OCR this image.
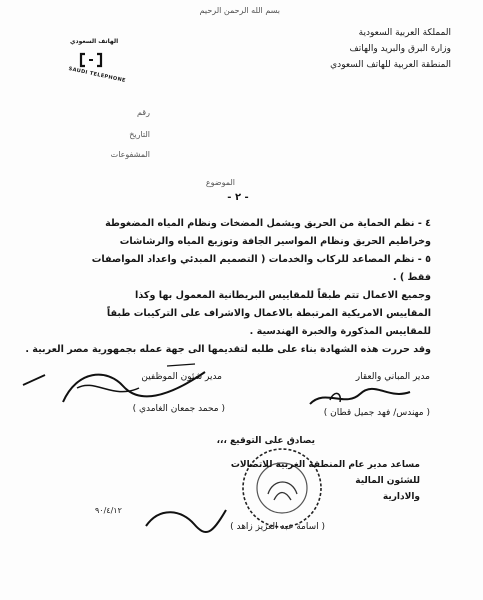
بسم الله الرحمن الرحيم
المملكة العربية السعودية
وزارة البرق والبريد والهاتف
المنطقة العربية للهاتف السعودي
الهاتف السعودي
SAUDI TELEPHONE
رقم
التاريخ
المشفوعات
الموضوع
- ٢ -
٤ - نظم الحماية من الحريق ويشمل المضخات ونظام المياه المضغوطة
وخراطيم الحريق ونظام المواسير الجافة وتوزيع المياه والرشاشات
٥ - نظم المصاعد للركاب والخدمات ( التصميم المبدئي واعداد المواصفات
فقط ) .
وجميع الاعمال تتم طبقاً للمقاييس البريطانية المعمول بها وكذا
المقاييس الامريكية المرتبطة بالاعمال والاشراف على التركيبات طبقاً
للمقاييس المذكورة والخبرة الهندسية .
وقد حررت هذه الشهادة بناء على طلبه لتقديمها الى جهة عمله بجمهورية مصر العربية .
مدير المباني والعقار
( مهندس/ فهد جميل قطان )
مدير شئون الموظفين
( محمد جمعان الغامدي )
يصادق على التوقيع ،،،
مساعد مدير عام المنطقة الغربية للاتصالات
للشئون المالية
والادارية
٩٠/٤/١٢
( اسامة عبد العزيز زاهد )
